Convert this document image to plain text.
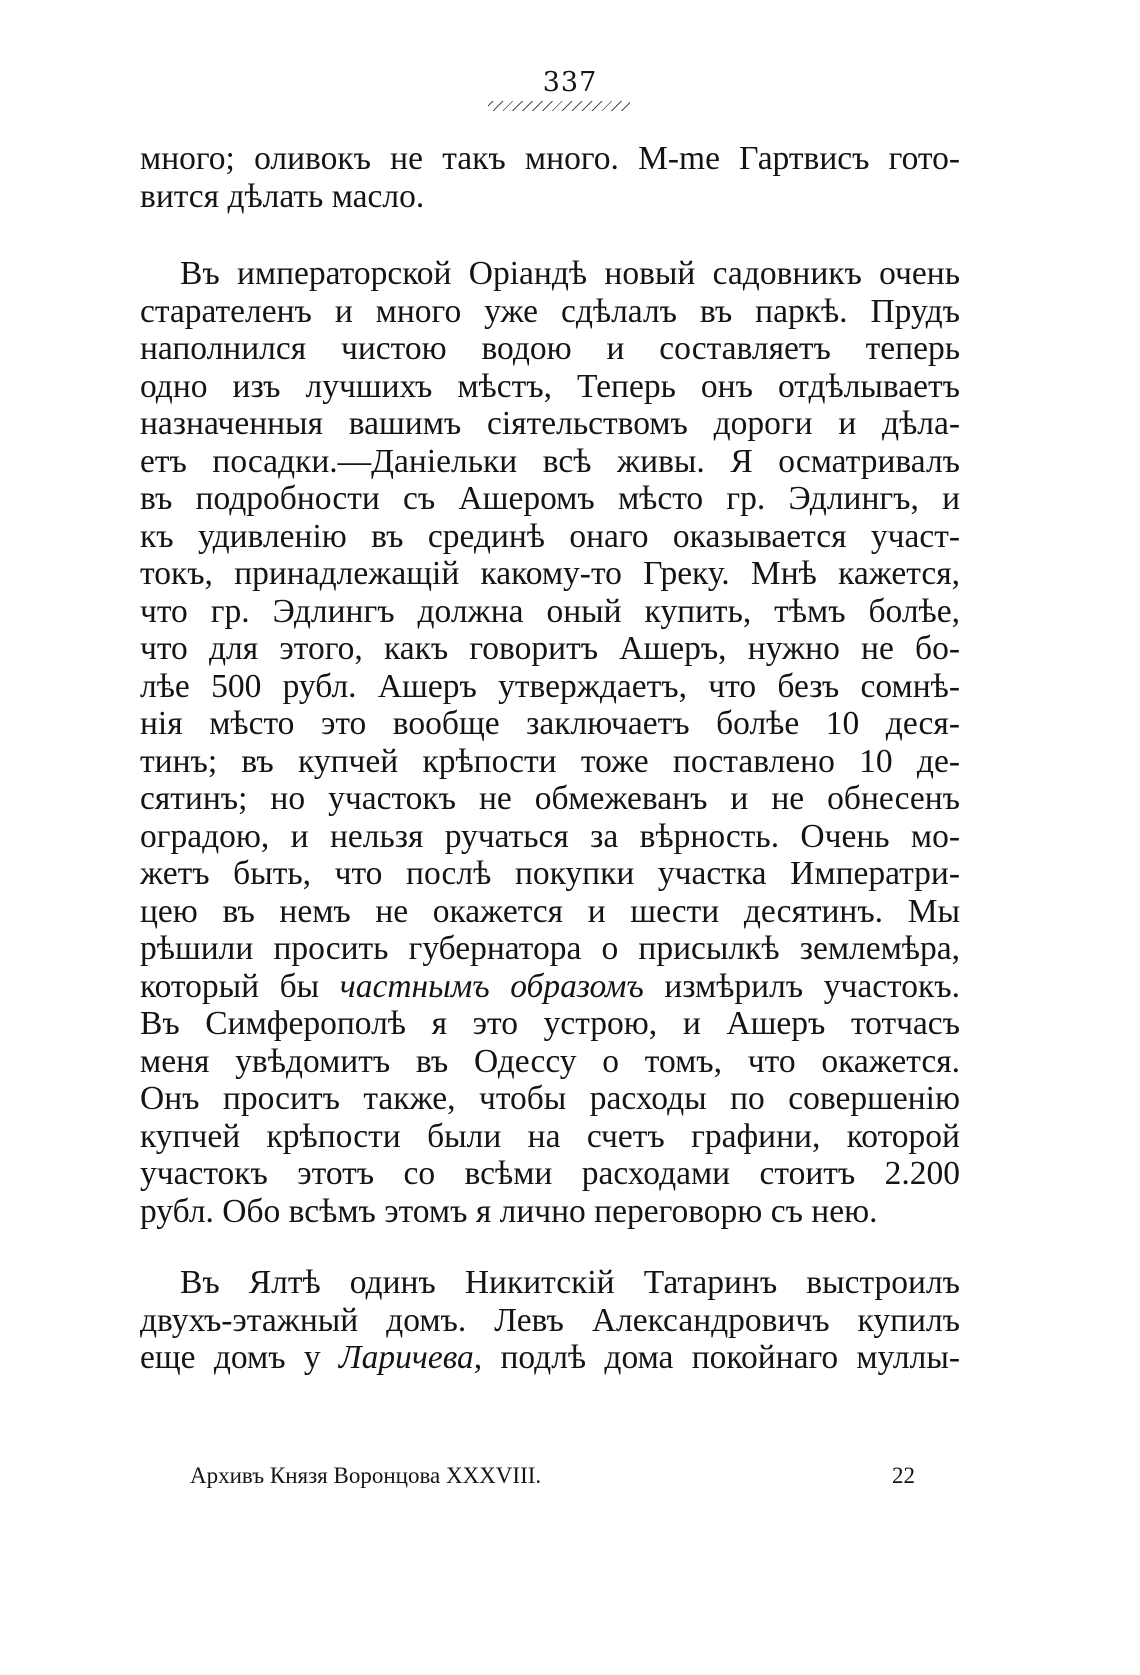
337
много; оливокъ не такъ много. M-me Гартвисъ гото-
вится дѣлать масло.
Въ императорской Оріандѣ новый садовникъ очень
старателенъ и много уже сдѣлалъ въ паркѣ. Прудъ
наполнился чистою водою и составляетъ теперь
одно изъ лучшихъ мѣстъ, Теперь онъ отдѣлываетъ
назначенныя вашимъ сіятельствомъ дороги и дѣла-
етъ посадки.—Даніельки всѣ живы. Я осматривалъ
въ подробности съ Ашеромъ мѣсто гр. Эдлингъ, и
къ удивленію въ срединѣ онаго оказывается участ-
токъ, принадлежащій какому-то Греку. Мнѣ кажется,
что гр. Эдлингъ должна оный купить, тѣмъ болѣе,
что для этого, какъ говоритъ Ашеръ, нужно не бо-
лѣе 500 рубл. Ашеръ утверждаетъ, что безъ сомнѣ-
нія мѣсто это вообще заключаетъ болѣе 10 деся-
тинъ; въ купчей крѣпости тоже поставлено 10 де-
сятинъ; но участокъ не обмежеванъ и не обнесенъ
оградою, и нельзя ручаться за вѣрность. Очень мо-
жетъ быть, что послѣ покупки участка Императри-
цею въ немъ не окажется и шести десятинъ. Мы
рѣшили просить губернатора о присылкѣ землемѣра,
который бы частнымъ образомъ измѣрилъ участокъ.
Въ Симферополѣ я это устрою, и Ашеръ тотчасъ
меня увѣдомитъ въ Одессу о томъ, что окажется.
Онъ проситъ также, чтобы расходы по совершенію
купчей крѣпости были на счетъ графини, которой
участокъ этотъ со всѣми расходами стоитъ 2.200
рубл. Обо всѣмъ этомъ я лично переговорю съ нею.
Въ Ялтѣ одинъ Никитскій Татаринъ выстроилъ
двухъ-этажный домъ. Левъ Александровичъ купилъ
еще домъ у Ларичева, подлѣ дома покойнаго муллы-
Архивъ Князя Воронцова XXXVIII.	22
